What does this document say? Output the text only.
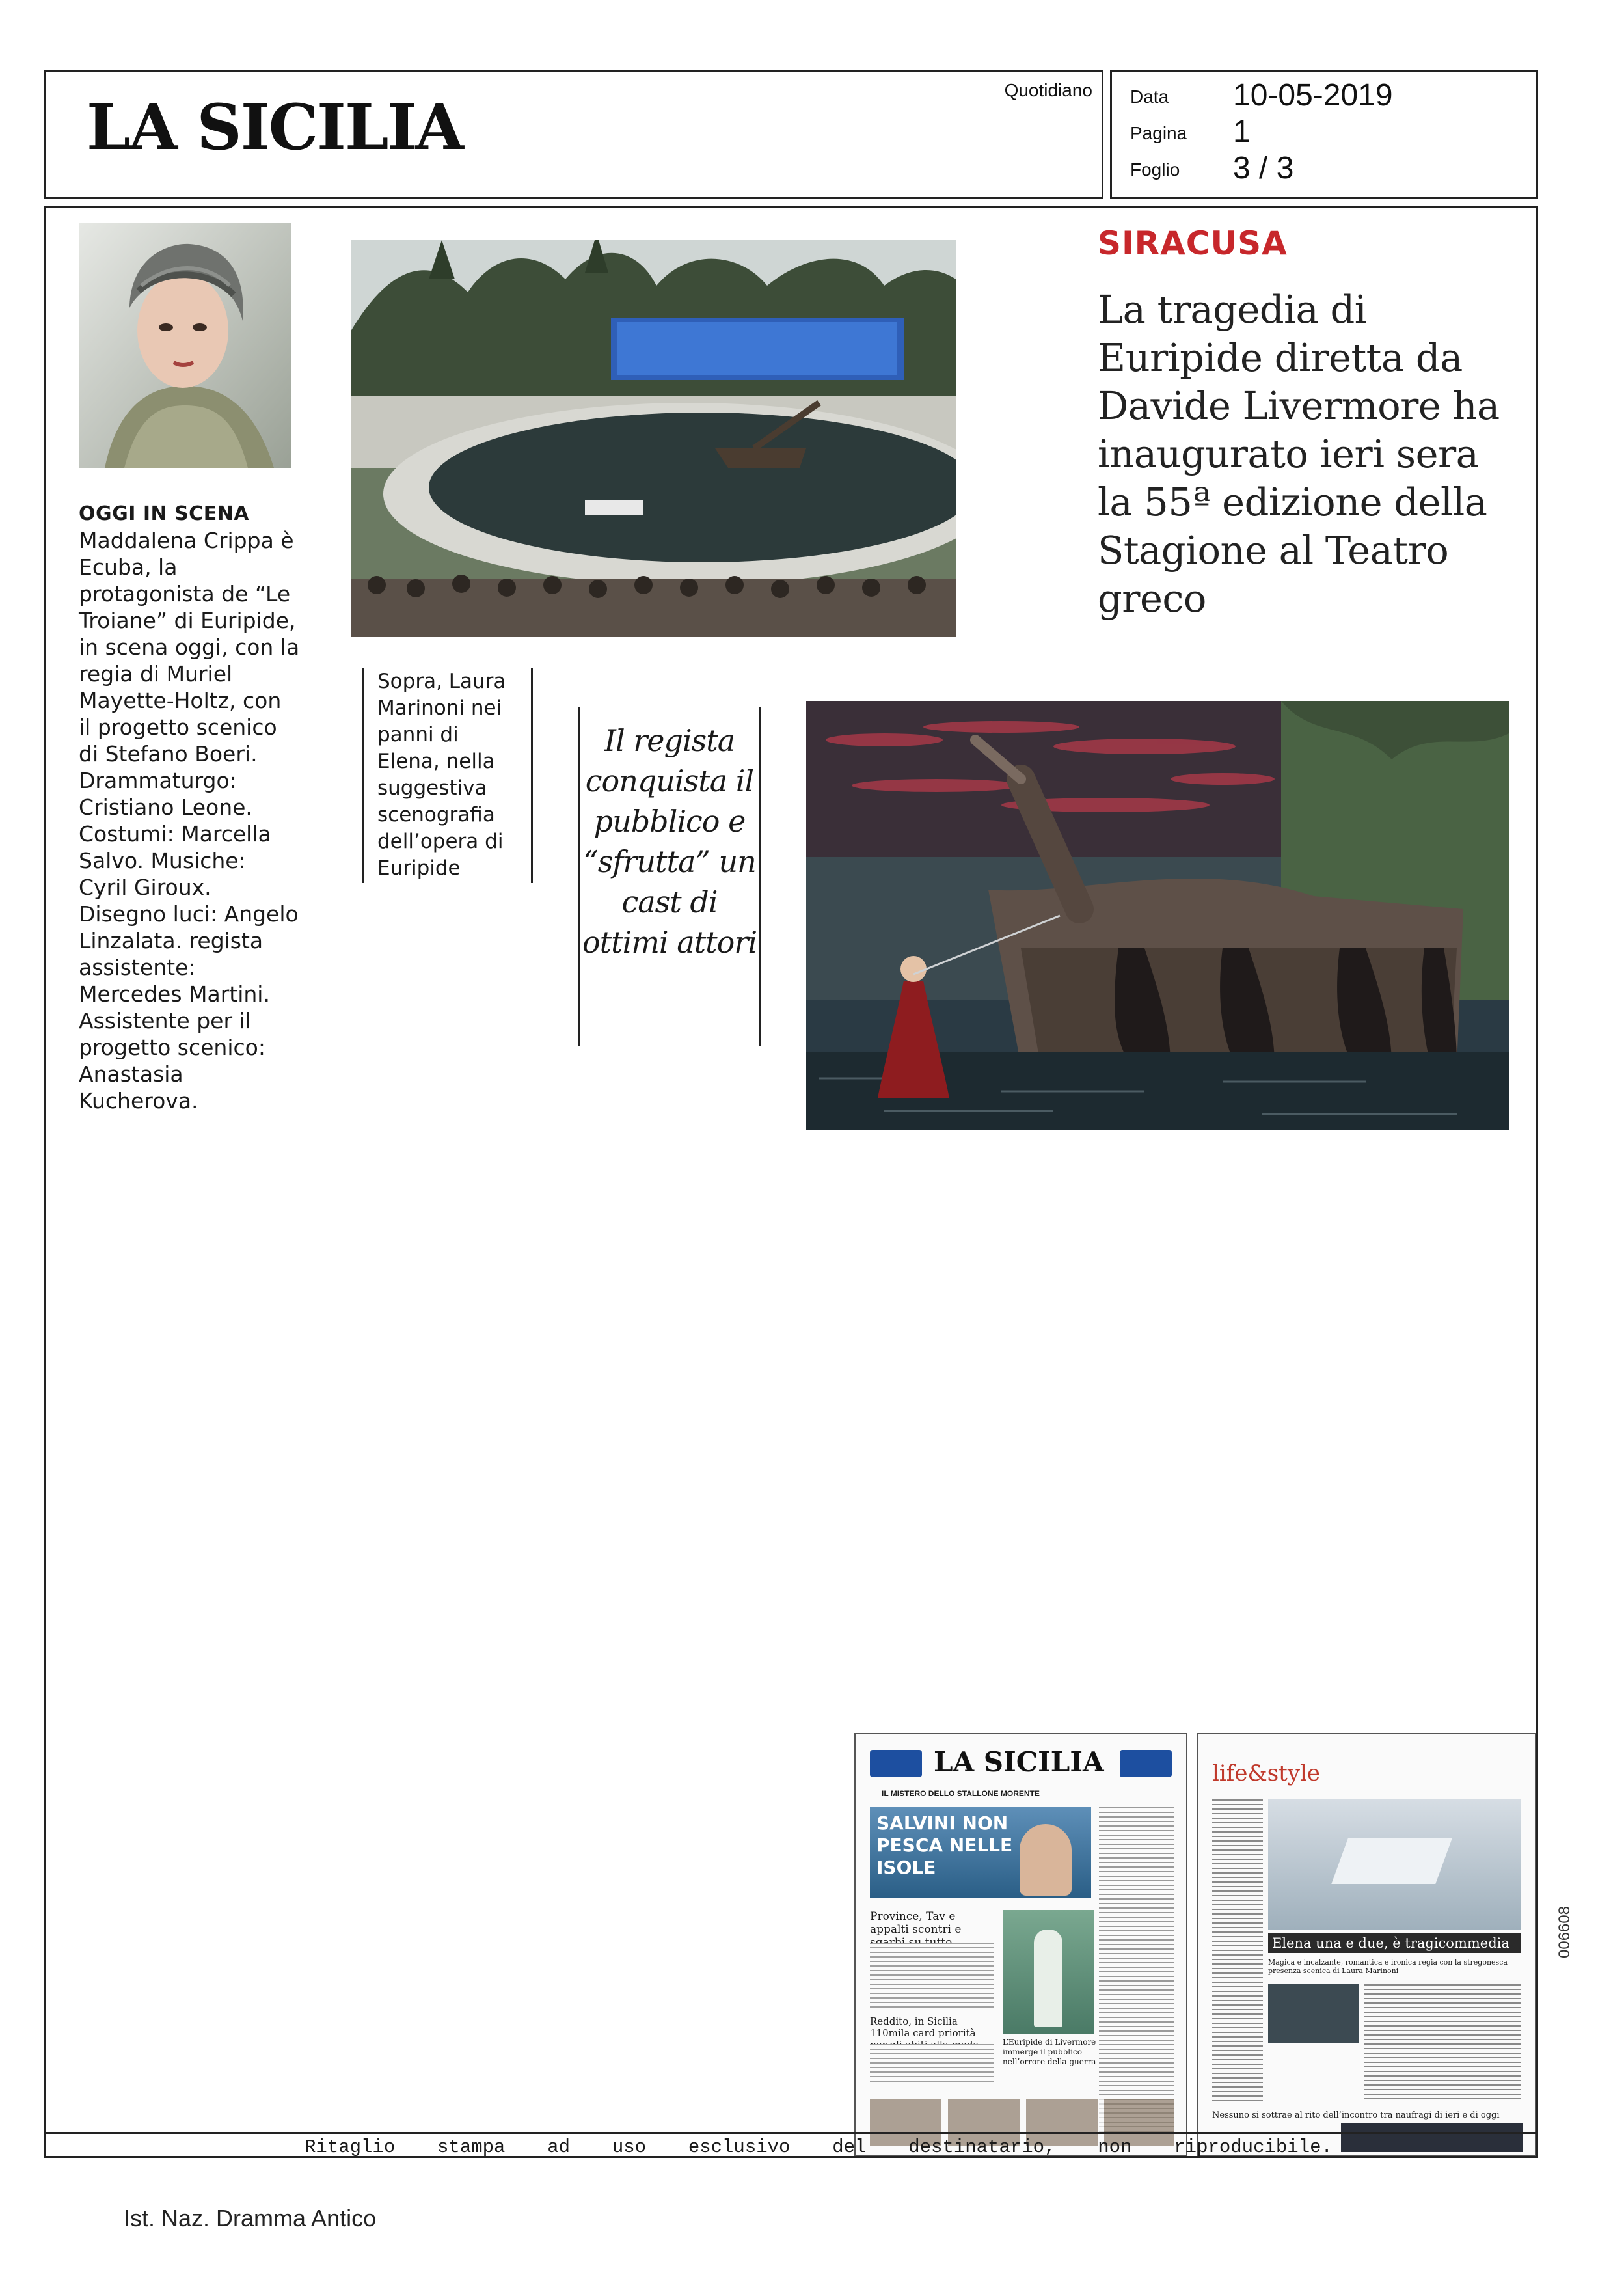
LA SICILIA
Quotidiano Data 10-05-2019
Pagina 1
Foglio 3 / 3
OGGI IN SCENA
Maddalena Crippa è Ecuba, la protagonista de “Le Troiane” di Euripide, in scena oggi, con la regia di Muriel Mayette-Holtz, con il progetto scenico di Stefano Boeri. Drammaturgo: Cristiano Leone. Costumi: Marcella Salvo. Musiche: Cyril Giroux. Disegno luci: Angelo Linzalata. regista assistente: Mercedes Martini. Assistente per il progetto scenico: Anastasia Kucherova.
Sopra, Laura Marinoni nei panni di Elena, nella suggestiva scenografia dell’opera di Euripide
Il regista conquista il pubblico e “sfrutta” un cast di ottimi attori
SIRACUSA
La tragedia di Euripide diretta da Davide Livermore ha inaugurato ieri sera la 55ª edizione della Stagione al Teatro greco
LA SICILIA
IL MISTERO DELLO STALLONE MORENTE
SALVINI NON PESCA NELLE ISOLE
Province, Tav e appalti scontri e
Reddito, in Sicilia 110mila card priorità
L’Euripide di Livermore immerge il pubblico nell’orrore della guerra
life&style
Elena una e due, è tragicommedia
Magica e incalzante, romantica e ironica regia con la stregonesca presenza scenica di Laura Marinoni
Nessuno si sottrae al rito dell’incontro tra naufragi di ieri e di oggi
006608
Ritaglio stampa ad uso esclusivo del destinatario, non riproducibile.
Ist. Naz. Dramma Antico
